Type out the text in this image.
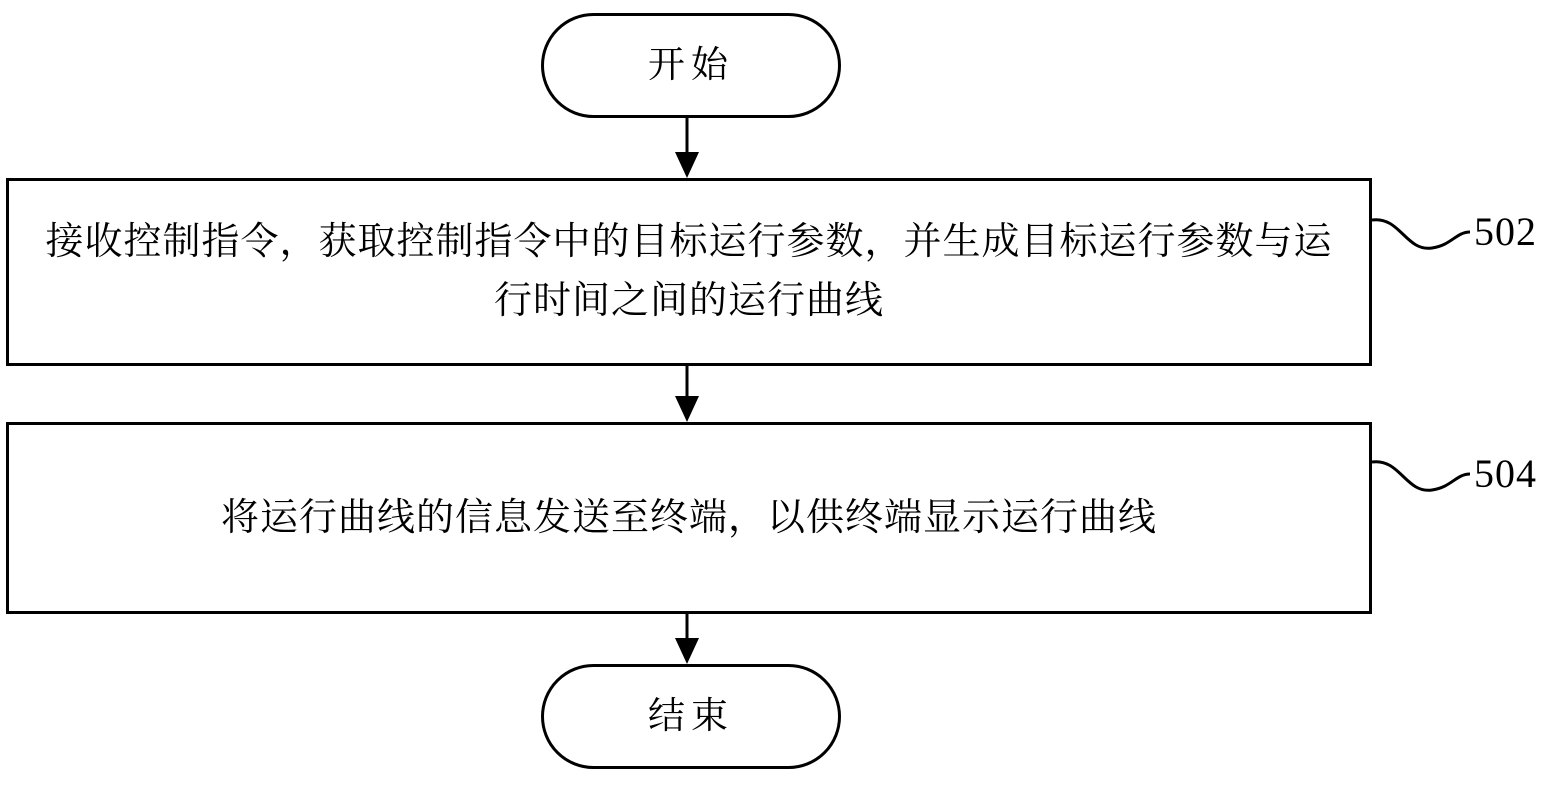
开始
接收控制指令，获取控制指令中的目标运行参数，并生成目标运行参数与运行时间之间的运行曲线
502
将运行曲线的信息发送至终端，以供终端显示运行曲线
504
结束
